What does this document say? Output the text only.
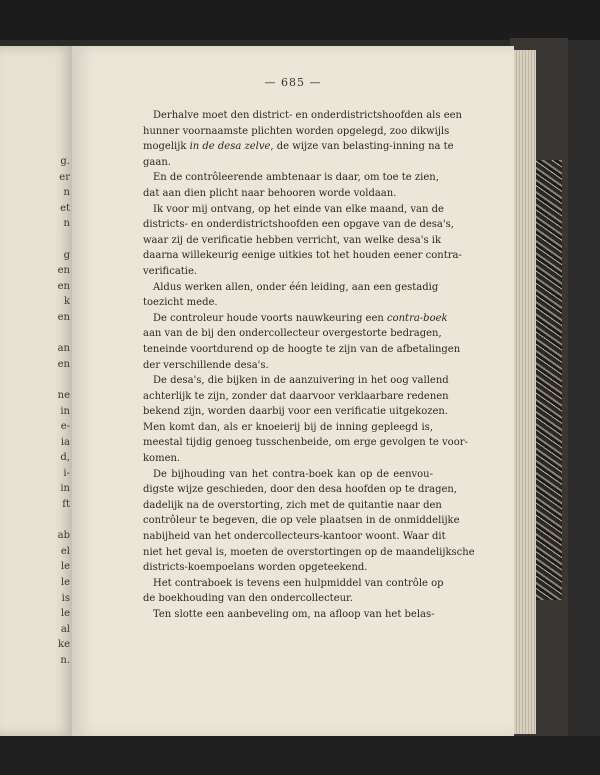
g.
er
n
et
n
g
en
en
k
en
an
en
ne
in
e-
ia
d,
i-
in
ft
ab
el
le
le
is
le
al
ke
n.
— 685 —
Derhalve moet den district- en onderdistrictshoofden als een
hunner voornaamste plichten worden opgelegd, zoo dikwijls
mogelijk in de desa zelve, de wijze van belasting-inning na te
gaan.
En de contrôleerende ambtenaar is daar, om toe te zien,
dat aan dien plicht naar behooren worde voldaan.
Ik voor mij ontvang, op het einde van elke maand, van de
districts- en onderdistrictshoofden een opgave van de desa's,
waar zij de verificatie hebben verricht, van welke desa's ik
daarna willekeurig eenige uitkies tot het houden eener contra-
verificatie.
Aldus werken allen, onder één leiding, aan een gestadig
toezicht mede.
De controleur houde voorts nauwkeuring een contra-boek
aan van de bij den ondercollecteur overgestorte bedragen,
teneinde voortdurend op de hoogte te zijn van de afbetalingen
der verschillende desa's.
De desa's, die bijken in de aanzuivering in het oog vallend
achterlijk te zijn, zonder dat daarvoor verklaarbare redenen
bekend zijn, worden daarbij voor een verificatie uitgekozen.
Men komt dan, als er knoeierij bij de inning gepleegd is,
meestal tijdig genoeg tusschenbeide, om erge gevolgen te voor-
komen.
De bijhouding van het contra-boek kan op de eenvou-
digste wijze geschieden, door den desa hoofden op te dragen,
dadelijk na de overstorting, zich met de quitantie naar den
contrôleur te begeven, die op vele plaatsen in de onmiddelijke
nabijheid van het ondercollecteurs-kantoor woont. Waar dit
niet het geval is, moeten de overstortingen op de maandelijksche
districts-koempoelans worden opgeteekend.
Het contraboek is tevens een hulpmiddel van contrôle op
de boekhouding van den ondercollecteur.
Ten slotte een aanbeveling om, na afloop van het belas-
